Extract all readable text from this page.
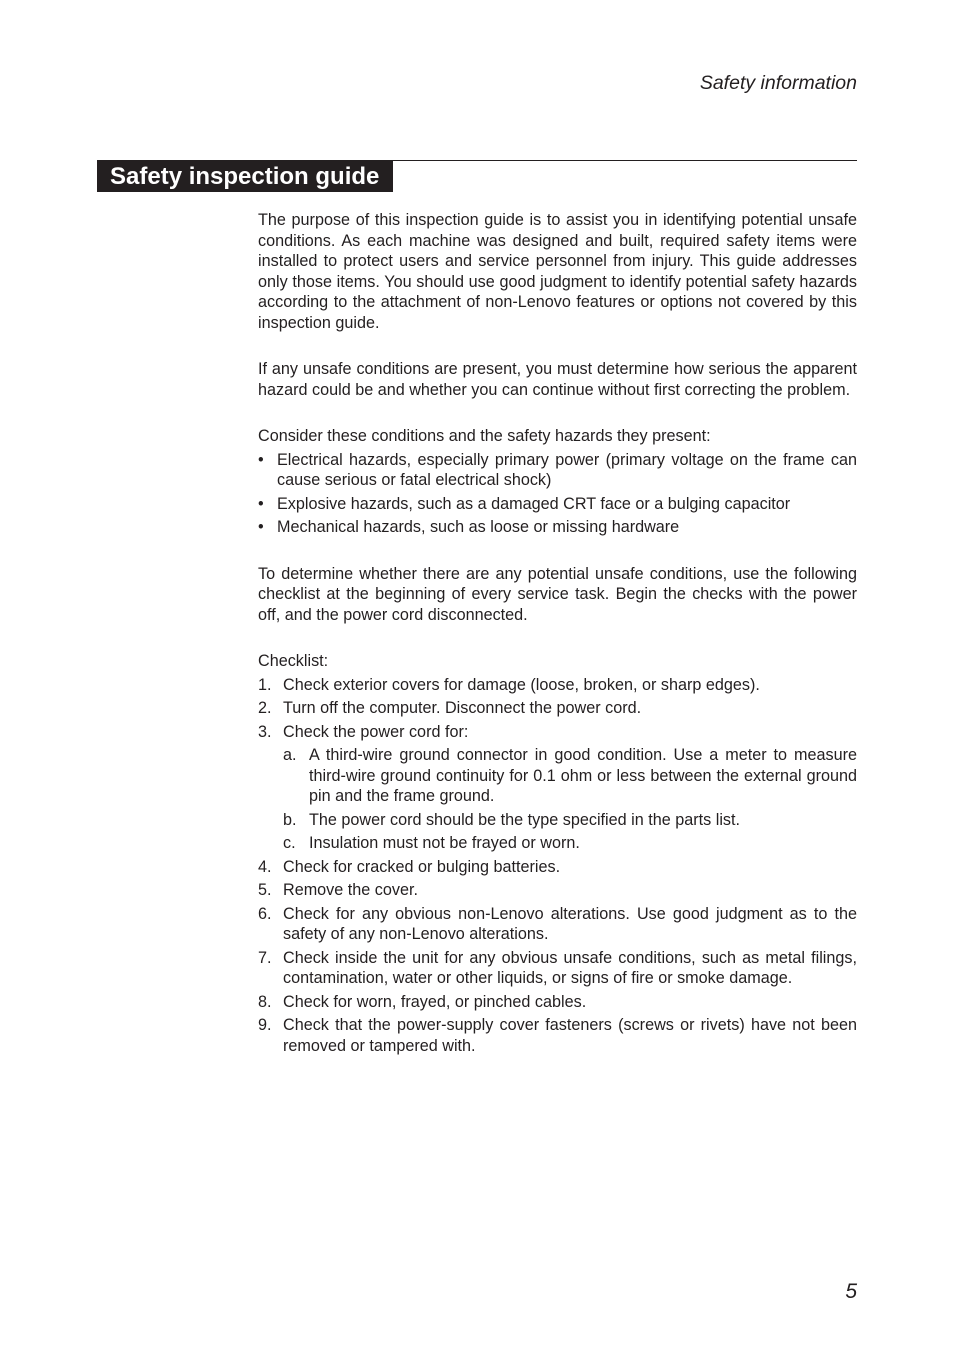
Safety information
Safety inspection guide

The purpose of this inspection guide is to assist you in identifying potential unsafe conditions. As each machine was designed and built, required safety items were installed to protect users and service personnel from injury. This guide addresses only those items. You should use good judgment to identify potential safety hazards according to the attachment of non-Lenovo features or options not covered by this inspection guide.

If any unsafe conditions are present, you must determine how serious the apparent hazard could be and whether you can continue without first correcting the problem.

Consider these conditions and the safety hazards they present:

• Electrical hazards, especially primary power (primary voltage on the frame can cause serious or fatal electrical shock)
• Explosive hazards, such as a damaged CRT face or a bulging capacitor
• Mechanical hazards, such as loose or missing hardware

To determine whether there are any potential unsafe conditions, use the following checklist at the beginning of every service task. Begin the checks with the power off, and the power cord disconnected.

Checklist:

1. Check exterior covers for damage (loose, broken, or sharp edges).
2. Turn off the computer. Disconnect the power cord.
3. Check the power cord for:
a. A third-wire ground connector in good condition. Use a meter to measure third-wire ground continuity for 0.1 ohm or less between the external ground pin and the frame ground.
b. The power cord should be the type specified in the parts list.
c. Insulation must not be frayed or worn.
4. Check for cracked or bulging batteries.
5. Remove the cover.
6. Check for any obvious non-Lenovo alterations. Use good judgment as to the safety of any non-Lenovo alterations.
7. Check inside the unit for any obvious unsafe conditions, such as metal filings, contamination, water or other liquids, or signs of fire or smoke damage.
8. Check for worn, frayed, or pinched cables.
9. Check that the power-supply cover fasteners (screws or rivets) have not been removed or tampered with.
5
